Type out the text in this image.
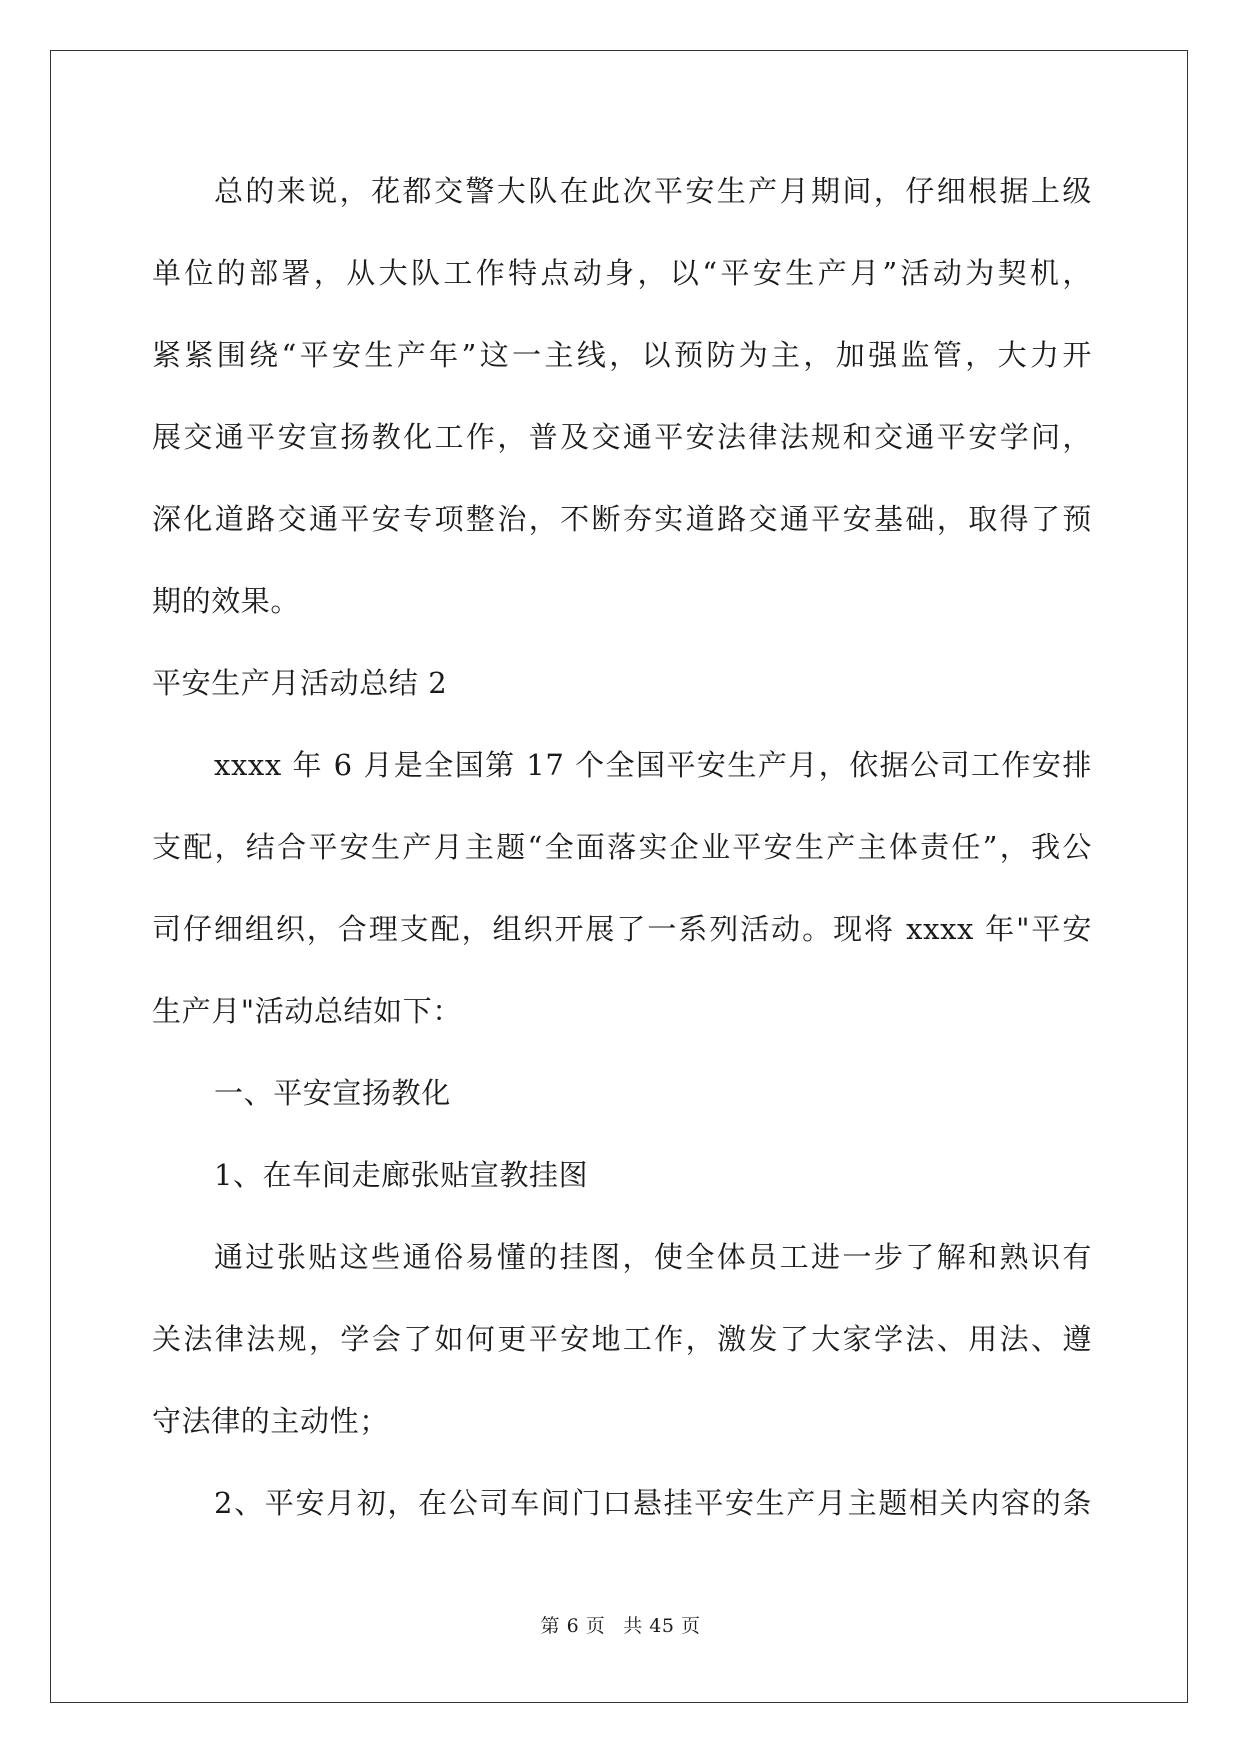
总的来说，花都交警大队在此次平安生产月期间，仔细根据上级
单位的部署，从大队工作特点动身，以“平安生产月”活动为契机，
紧紧围绕“平安生产年”这一主线，以预防为主，加强监管，大力开
展交通平安宣扬教化工作，普及交通平安法律法规和交通平安学问，
深化道路交通平安专项整治，不断夯实道路交通平安基础，取得了预
期的效果。
平安生产月活动总结 2
xxxx 年 6 月是全国第 17 个全国平安生产月，依据公司工作安排
支配，结合平安生产月主题“全面落实企业平安生产主体责任”，我公
司仔细组织，合理支配，组织开展了一系列活动。现将 xxxx 年"平安
生产月"活动总结如下：
一、平安宣扬教化
1、在车间走廊张贴宣教挂图
通过张贴这些通俗易懂的挂图，使全体员工进一步了解和熟识有
关法律法规，学会了如何更平安地工作，激发了大家学法、用法、遵
守法律的主动性；
2、平安月初，在公司车间门口悬挂平安生产月主题相关内容的条
第 6 页 共 45 页
